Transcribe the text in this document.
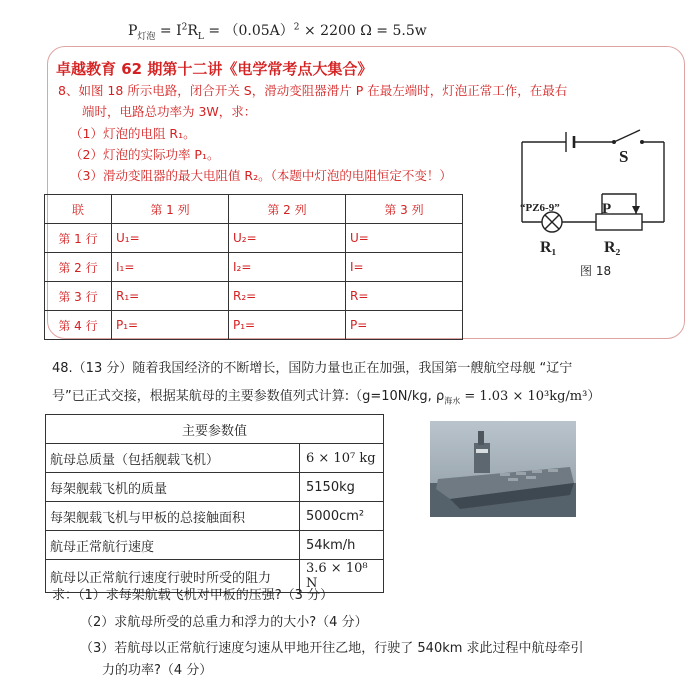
$P_{灯泡} = I^2R_L = (0.05A)^2 \times 2200$ Ω = 5.5w
卓越教育 62 期第十二讲《电学常考点大集合》
8、如图 18 所示电路，闭合开关 S，滑动变阻器滑片 P 在最左端时，灯泡正常工作，在最右
端时，电路总功率为 3W，求：
（1）灯泡的电阻 R₁。
（2）灯泡的实际功率 P₁。
（3）滑动变阻器的最大电阻值 R₂。（本题中灯泡的电阻恒定不变！）
联	第 1 列	第 2 列	第 3 列
第 1 行	U₁=	U₂=	U=
第 2 行	I₁=	I₂=	I=
第 3 行	R₁=	R₂=	R=
第 4 行	P₁=	P₁=	P=
S
“PZ6-9”	P
R₁	R₂
图 18
48.（13 分）随着我国经济的不断增长，国防力量也正在加强，我国第一艘航空母舰 “辽宁
号”已正式交接，根据某航母的主要参数值列式计算:（g=10N/kg, $\rho_{海水} = 1.03 \times 10^3kg/m^3$）
主要参数值	
航母总质量（包括舰载飞机）	6 × 10⁷ kg
每架舰载飞机的质量	5150kg
每架舰载飞机与甲板的总接触面积	5000cm²
航母正常航行速度	54km/h
航母以正常航行速度行驶时所受的阻力	3.6 × 10⁸ N
求：（1）求每架航载飞机对甲板的压强?（3 分）
（2）求航母所受的总重力和浮力的大小?（4 分）
（3）若航母以正常航行速度匀速从甲地开往乙地，行驶了 540km 求此过程中航母牵引
力的功率?（4 分）
